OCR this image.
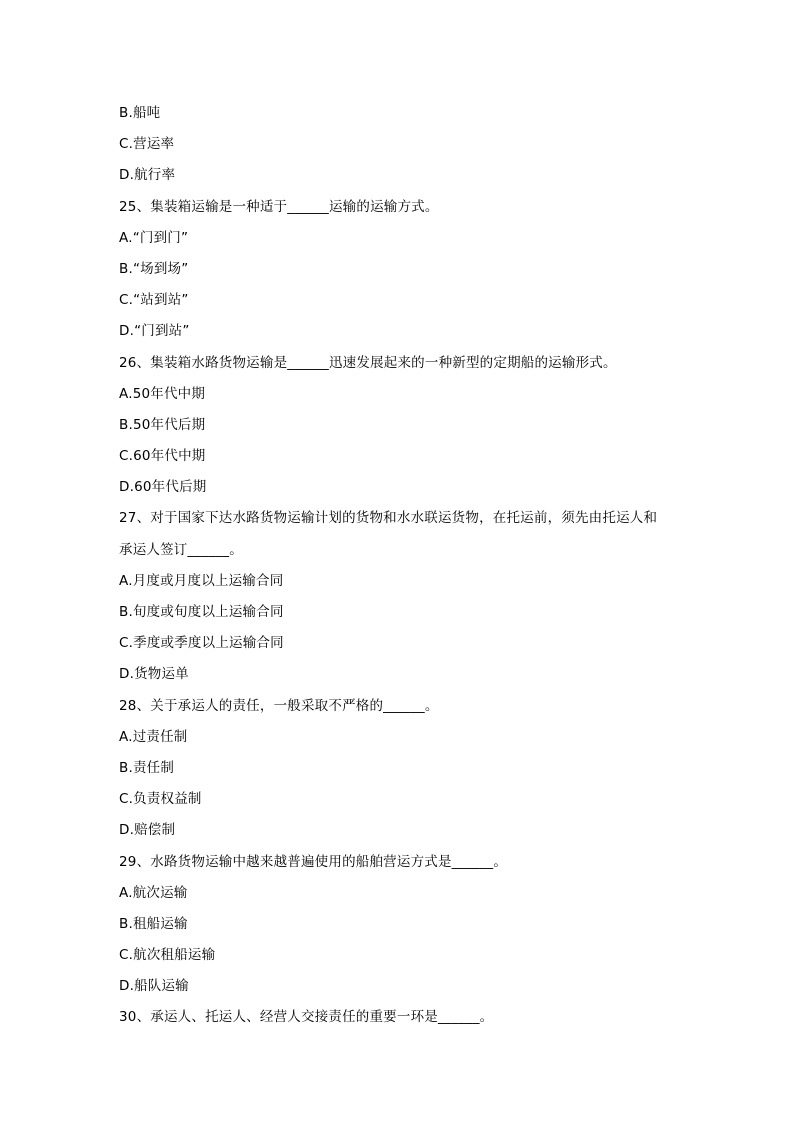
B.船吨
C.营运率
D.航行率
25、集装箱运输是一种适于______运输的运输方式。
A.“门到门”
B.“场到场”
C.“站到站”
D.“门到站”
26、集装箱水路货物运输是______迅速发展起来的一种新型的定期船的运输形式。
A.50年代中期
B.50年代后期
C.60年代中期
D.60年代后期
27、对于国家下达水路货物运输计划的货物和水水联运货物，在托运前，须先由托运人和
承运人签订______。
A.月度或月度以上运输合同
B.旬度或旬度以上运输合同
C.季度或季度以上运输合同
D.货物运单
28、关于承运人的责任，一般采取不严格的______。
A.过责任制
B.责任制
C.负责权益制
D.赔偿制
29、水路货物运输中越来越普遍使用的船舶营运方式是______。
A.航次运输
B.租船运输
C.航次租船运输
D.船队运输
30、承运人、托运人、经营人交接责任的重要一环是______。
